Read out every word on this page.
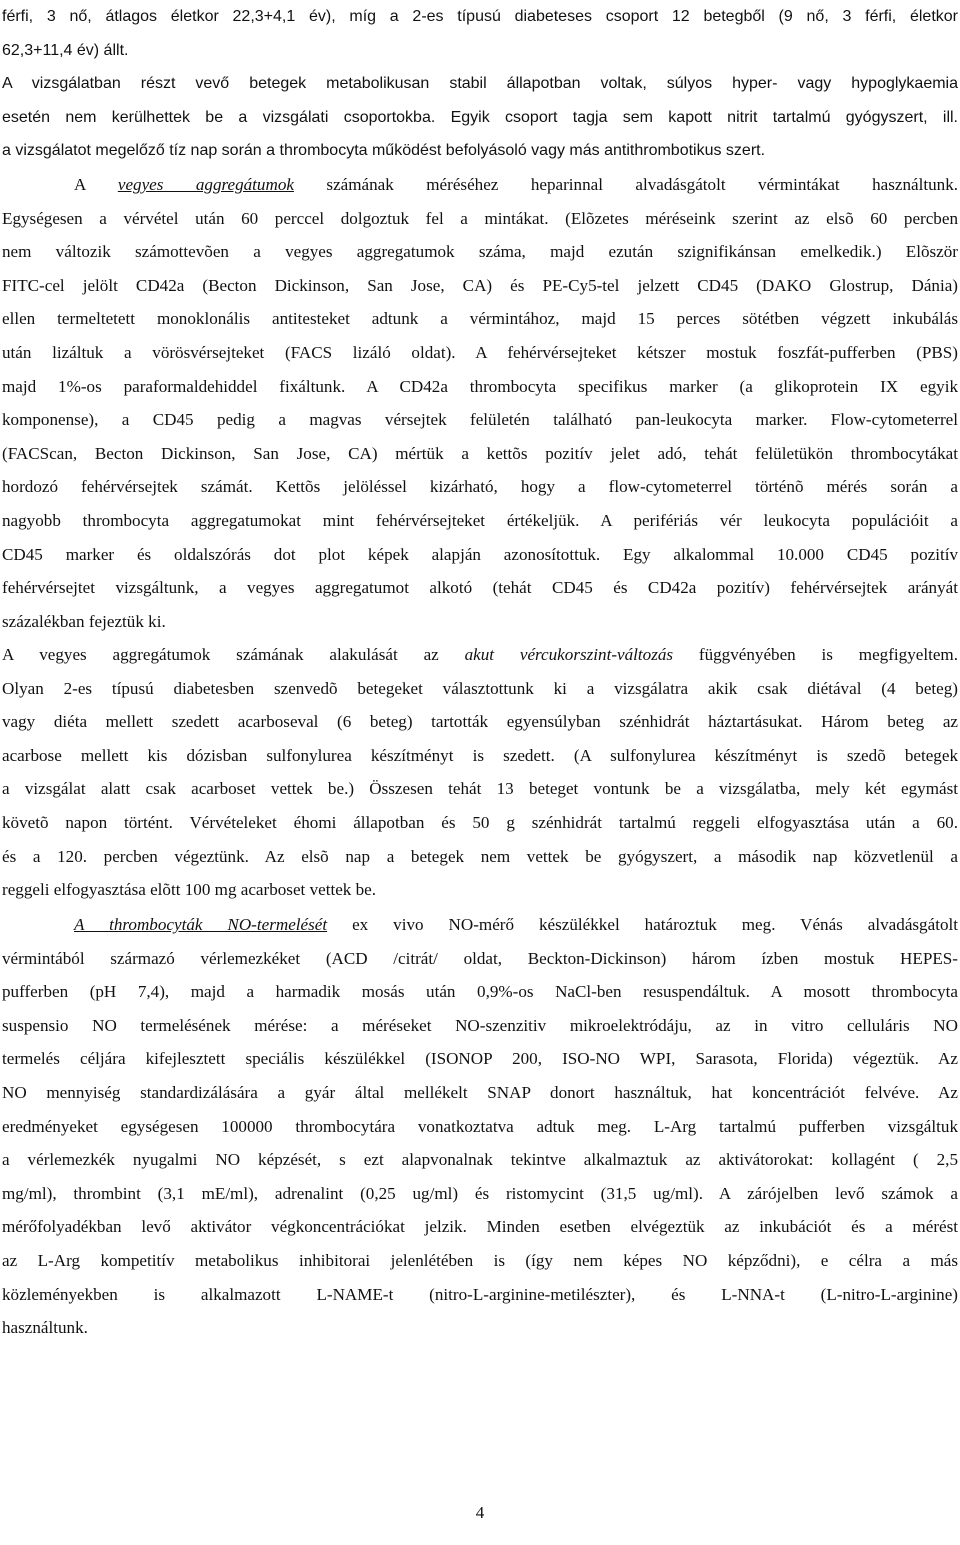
férfi, 3 nő, átlagos életkor 22,3+4,1 év), míg a 2-es típusú diabeteses csoport 12 betegből (9 nő, 3 férfi, életkor
62,3+11,4 év) állt.
A vizsgálatban részt vevő betegek metabolikusan stabil állapotban voltak, súlyos hyper- vagy hypoglykaemia
esetén nem kerülhettek be a vizsgálati csoportokba. Egyik csoport tagja sem kapott nitrit tartalmú gyógyszert, ill.
a vizsgálatot megelőző tíz nap során a thrombocyta működést befolyásoló vagy más antithrombotikus szert.
A vegyes aggregátumok számának méréséhez heparinnal alvadásgátolt vérmintákat használtunk.
Egységesen a vérvétel után 60 perccel dolgoztuk fel a mintákat. (Elõzetes méréseink szerint az elsõ 60 percben
nem változik számottevõen a vegyes aggregatumok száma, majd ezután szignifikánsan emelkedik.) Elõször
FITC-cel jelölt CD42a (Becton Dickinson, San Jose, CA) és PE-Cy5-tel jelzett CD45 (DAKO Glostrup, Dánia)
ellen termeltetett monoklonális antitesteket adtunk a vérmintához, majd 15 perces sötétben végzett inkubálás
után lizáltuk a vörösvérsejteket (FACS lizáló oldat). A fehérvérsejteket kétszer mostuk foszfát-pufferben (PBS)
majd 1%-os paraformaldehiddel fixáltunk. A CD42a thrombocyta specifikus marker (a glikoprotein IX egyik
komponense), a CD45 pedig a magvas vérsejtek felületén található pan-leukocyta marker. Flow-cytometerrel
(FACScan, Becton Dickinson, San Jose, CA) mértük a kettõs pozitív jelet adó, tehát felületükön thrombocytákat
hordozó fehérvérsejtek számát. Kettõs jelöléssel kizárható, hogy a flow-cytometerrel történõ mérés során a
nagyobb thrombocyta aggregatumokat mint fehérvérsejteket értékeljük. A perifériás vér leukocyta populációit a
CD45 marker és oldalszórás dot plot képek alapján azonosítottuk. Egy alkalommal 10.000 CD45 pozitív
fehérvérsejtet vizsgáltunk, a vegyes aggregatumot alkotó (tehát CD45 és CD42a pozitív) fehérvérsejtek arányát
százalékban fejeztük ki.
A vegyes aggregátumok számának alakulását az akut vércukorszint-változás függvényében is megfigyeltem.
Olyan 2-es típusú diabetesben szenvedõ betegeket választottunk ki a vizsgálatra akik csak diétával (4 beteg)
vagy diéta mellett szedett acarboseval (6 beteg) tartották egyensúlyban szénhidrát háztartásukat. Három beteg az
acarbose mellett kis dózisban sulfonylurea készítményt is szedett. (A sulfonylurea készítményt is szedõ betegek
a vizsgálat alatt csak acarboset vettek be.) Összesen tehát 13 beteget vontunk be a vizsgálatba, mely két egymást
követõ napon történt. Vérvételeket éhomi állapotban és 50 g szénhidrát tartalmú reggeli elfogyasztása után a 60.
és a 120. percben végeztünk. Az elsõ nap a betegek nem vettek be gyógyszert, a második nap közvetlenül a
reggeli elfogyasztása elõtt 100 mg acarboset vettek be.
A thrombocyták NO-termelését ex vivo NO-mérő készülékkel határoztuk meg. Vénás alvadásgátolt
vérmintából származó vérlemezkéket (ACD /citrát/ oldat, Beckton-Dickinson) három ízben mostuk HEPES-
pufferben (pH 7,4), majd a harmadik mosás után 0,9%-os NaCl-ben resuspendáltuk. A mosott thrombocyta
suspensio NO termelésének mérése: a méréseket NO-szenzitiv mikroelektródáju, az in vitro celluláris NO
termelés céljára kifejlesztett speciális készülékkel (ISONOP 200, ISO-NO WPI, Sarasota, Florida) végeztük. Az
NO mennyiség standardizálására a gyár által mellékelt SNAP donort használtuk, hat koncentrációt felvéve. Az
eredményeket egységesen 100000 thrombocytára vonatkoztatva adtuk meg. L-Arg tartalmú pufferben vizsgáltuk
a vérlemezkék nyugalmi NO képzését, s ezt alapvonalnak tekintve alkalmaztuk az aktivátorokat: kollagént ( 2,5
mg/ml), thrombint (3,1 mE/ml), adrenalint (0,25 ug/ml) és ristomycint (31,5 ug/ml). A zárójelben levő számok a
mérőfolyadékban levő aktivátor végkoncentrációkat jelzik. Minden esetben elvégeztük az inkubációt és a mérést
az L-Arg kompetitív metabolikus inhibitorai jelenlétében is (így nem képes NO képződni), e célra a más
közleményekben is alkalmazott L-NAME-t (nitro-L-arginine-metilészter), és L-NNA-t (L-nitro-L-arginine)
használtunk.
4
